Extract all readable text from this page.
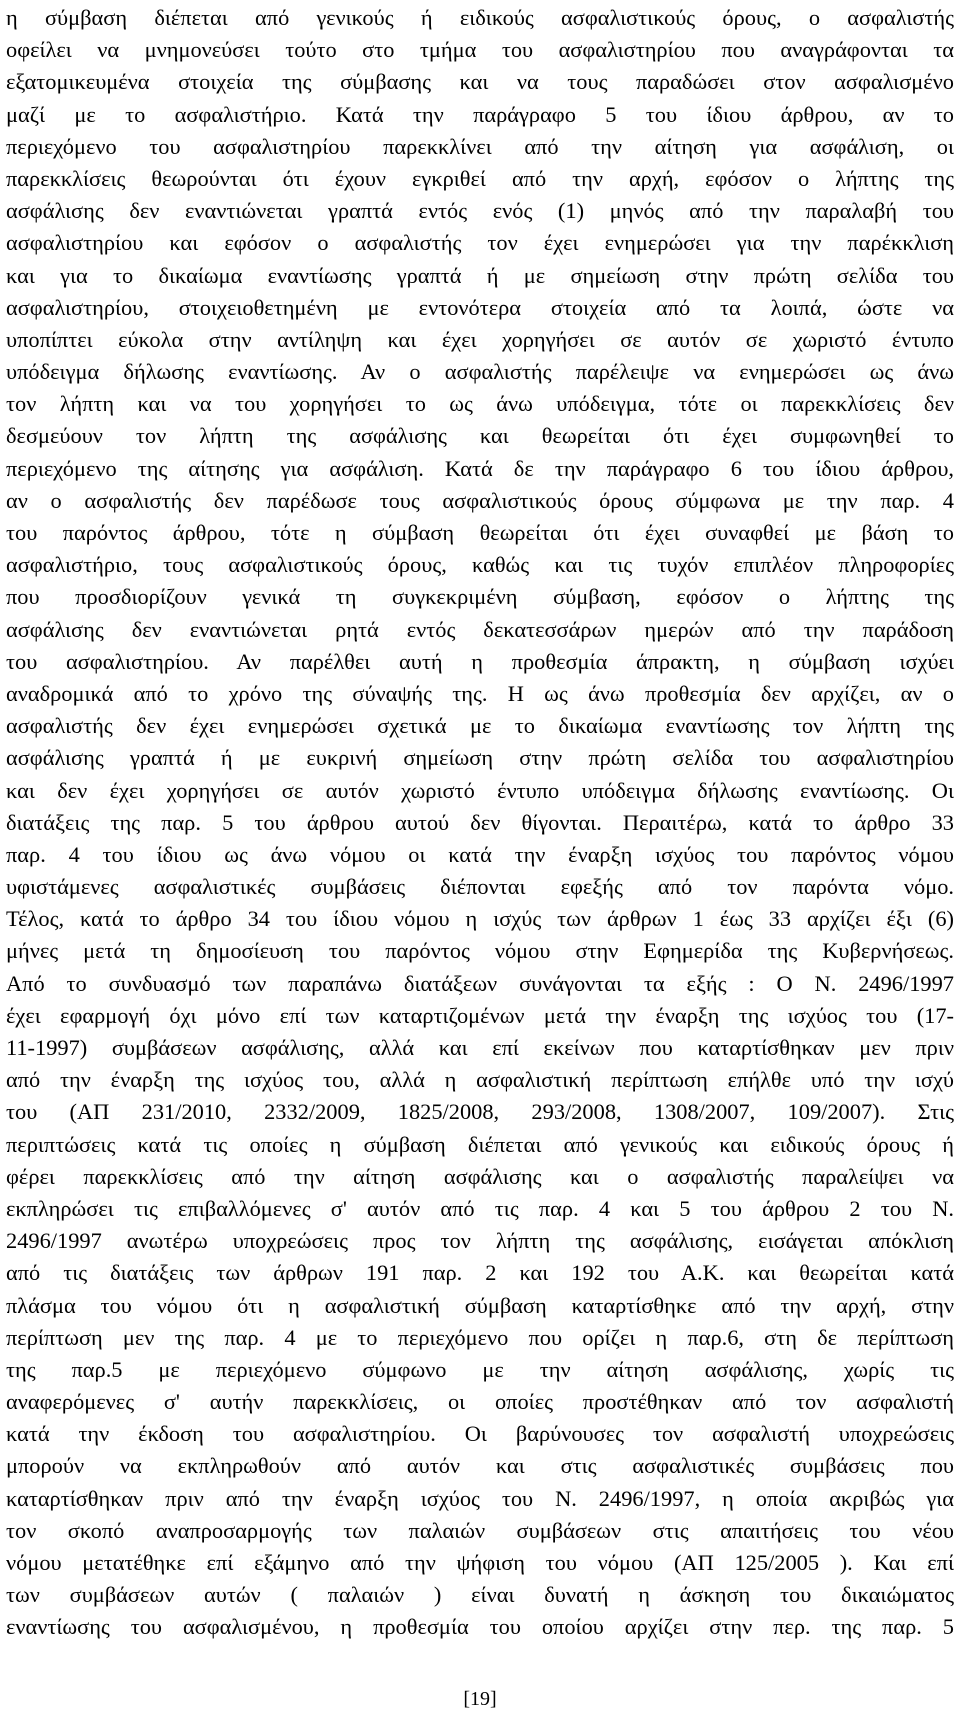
η σύμβαση διέπεται από γενικούς ή ειδικούς ασφαλιστικούς όρους, ο ασφαλιστής
οφείλει να μνημονεύσει τούτο στο τμήμα του ασφαλιστηρίου που αναγράφονται τα
εξατομικευμένα στοιχεία της σύμβασης και να τους παραδώσει στον ασφαλισμένο
μαζί με το ασφαλιστήριο. Κατά την παράγραφο 5 του ίδιου άρθρου, αν το
περιεχόμενο του ασφαλιστηρίου παρεκκλίνει από την αίτηση για ασφάλιση, οι
παρεκκλίσεις θεωρούνται ότι έχουν εγκριθεί από την αρχή, εφόσον ο λήπτης της
ασφάλισης δεν εναντιώνεται γραπτά εντός ενός (1) μηνός από την παραλαβή του
ασφαλιστηρίου και εφόσον ο ασφαλιστής τον έχει ενημερώσει για την παρέκκλιση
και για το δικαίωμα εναντίωσης γραπτά ή με σημείωση στην πρώτη σελίδα του
ασφαλιστηρίου, στοιχειοθετημένη με εντονότερα στοιχεία από τα λοιπά, ώστε να
υποπίπτει εύκολα στην αντίληψη και έχει χορηγήσει σε αυτόν σε χωριστό έντυπο
υπόδειγμα δήλωσης εναντίωσης. Αν ο ασφαλιστής παρέλειψε να ενημερώσει ως άνω
τον λήπτη και να του χορηγήσει το ως άνω υπόδειγμα, τότε οι παρεκκλίσεις δεν
δεσμεύουν τον λήπτη της ασφάλισης και θεωρείται ότι έχει συμφωνηθεί το
περιεχόμενο της αίτησης για ασφάλιση. Κατά δε την παράγραφο 6 του ίδιου άρθρου,
αν ο ασφαλιστής δεν παρέδωσε τους ασφαλιστικούς όρους σύμφωνα με την παρ. 4
του παρόντος άρθρου, τότε η σύμβαση θεωρείται ότι έχει συναφθεί με βάση το
ασφαλιστήριο, τους ασφαλιστικούς όρους, καθώς και τις τυχόν επιπλέον πληροφορίες
που προσδιορίζουν γενικά τη συγκεκριμένη σύμβαση, εφόσον ο λήπτης της
ασφάλισης δεν εναντιώνεται ρητά εντός δεκατεσσάρων ημερών από την παράδοση
του ασφαλιστηρίου. Αν παρέλθει αυτή η προθεσμία άπρακτη, η σύμβαση ισχύει
αναδρομικά από το χρόνο της σύναψής της. Η ως άνω προθεσμία δεν αρχίζει, αν ο
ασφαλιστής δεν έχει ενημερώσει σχετικά με το δικαίωμα εναντίωσης τον λήπτη της
ασφάλισης γραπτά ή με ευκρινή σημείωση στην πρώτη σελίδα του ασφαλιστηρίου
και δεν έχει χορηγήσει σε αυτόν χωριστό έντυπο υπόδειγμα δήλωσης εναντίωσης. Οι
διατάξεις της παρ. 5 του άρθρου αυτού δεν θίγονται. Περαιτέρω, κατά το άρθρο 33
παρ. 4 του ίδιου ως άνω νόμου οι κατά την έναρξη ισχύος του παρόντος νόμου
υφιστάμενες ασφαλιστικές συμβάσεις διέπονται εφεξής από τον παρόντα νόμο.
Τέλος, κατά το άρθρο 34 του ίδιου νόμου η ισχύς των άρθρων 1 έως 33 αρχίζει έξι (6)
μήνες μετά τη δημοσίευση του παρόντος νόμου στην Εφημερίδα της Κυβερνήσεως.
Από το συνδυασμό των παραπάνω διατάξεων συνάγονται τα εξής : Ο Ν. 2496/1997
έχει εφαρμογή όχι μόνο επί των καταρτιζομένων μετά την έναρξη της ισχύος του (17-
11-1997) συμβάσεων ασφάλισης, αλλά και επί εκείνων που καταρτίσθηκαν μεν πριν
από την έναρξη της ισχύος του, αλλά η ασφαλιστική περίπτωση επήλθε υπό την ισχύ
του (ΑΠ 231/2010, 2332/2009, 1825/2008, 293/2008, 1308/2007, 109/2007). Στις
περιπτώσεις κατά τις οποίες η σύμβαση διέπεται από γενικούς και ειδικούς όρους ή
φέρει παρεκκλίσεις από την αίτηση ασφάλισης και ο ασφαλιστής παραλείψει να
εκπληρώσει τις επιβαλλόμενες σ' αυτόν από τις παρ. 4 και 5 του άρθρου 2 του Ν.
2496/1997 ανωτέρω υποχρεώσεις προς τον λήπτη της ασφάλισης, εισάγεται απόκλιση
από τις διατάξεις των άρθρων 191 παρ. 2 και 192 του Α.Κ. και θεωρείται κατά
πλάσμα του νόμου ότι η ασφαλιστική σύμβαση καταρτίσθηκε από την αρχή, στην
περίπτωση μεν της παρ. 4 με το περιεχόμενο που ορίζει η παρ.6, στη δε περίπτωση
της παρ.5 με περιεχόμενο σύμφωνο με την αίτηση ασφάλισης, χωρίς τις
αναφερόμενες σ' αυτήν παρεκκλίσεις, οι οποίες προστέθηκαν από τον ασφαλιστή
κατά την έκδοση του ασφαλιστηρίου. Οι βαρύνουσες τον ασφαλιστή υποχρεώσεις
μπορούν να εκπληρωθούν από αυτόν και στις ασφαλιστικές συμβάσεις που
καταρτίσθηκαν πριν από την έναρξη ισχύος του Ν. 2496/1997, η οποία ακριβώς για
τον σκοπό αναπροσαρμογής των παλαιών συμβάσεων στις απαιτήσεις του νέου
νόμου μετατέθηκε επί εξάμηνο από την ψήφιση του νόμου (ΑΠ 125/2005 ). Και επί
των συμβάσεων αυτών ( παλαιών ) είναι δυνατή η άσκηση του δικαιώματος
εναντίωσης του ασφαλισμένου, η προθεσμία του οποίου αρχίζει στην περ. της παρ. 5
[19]
